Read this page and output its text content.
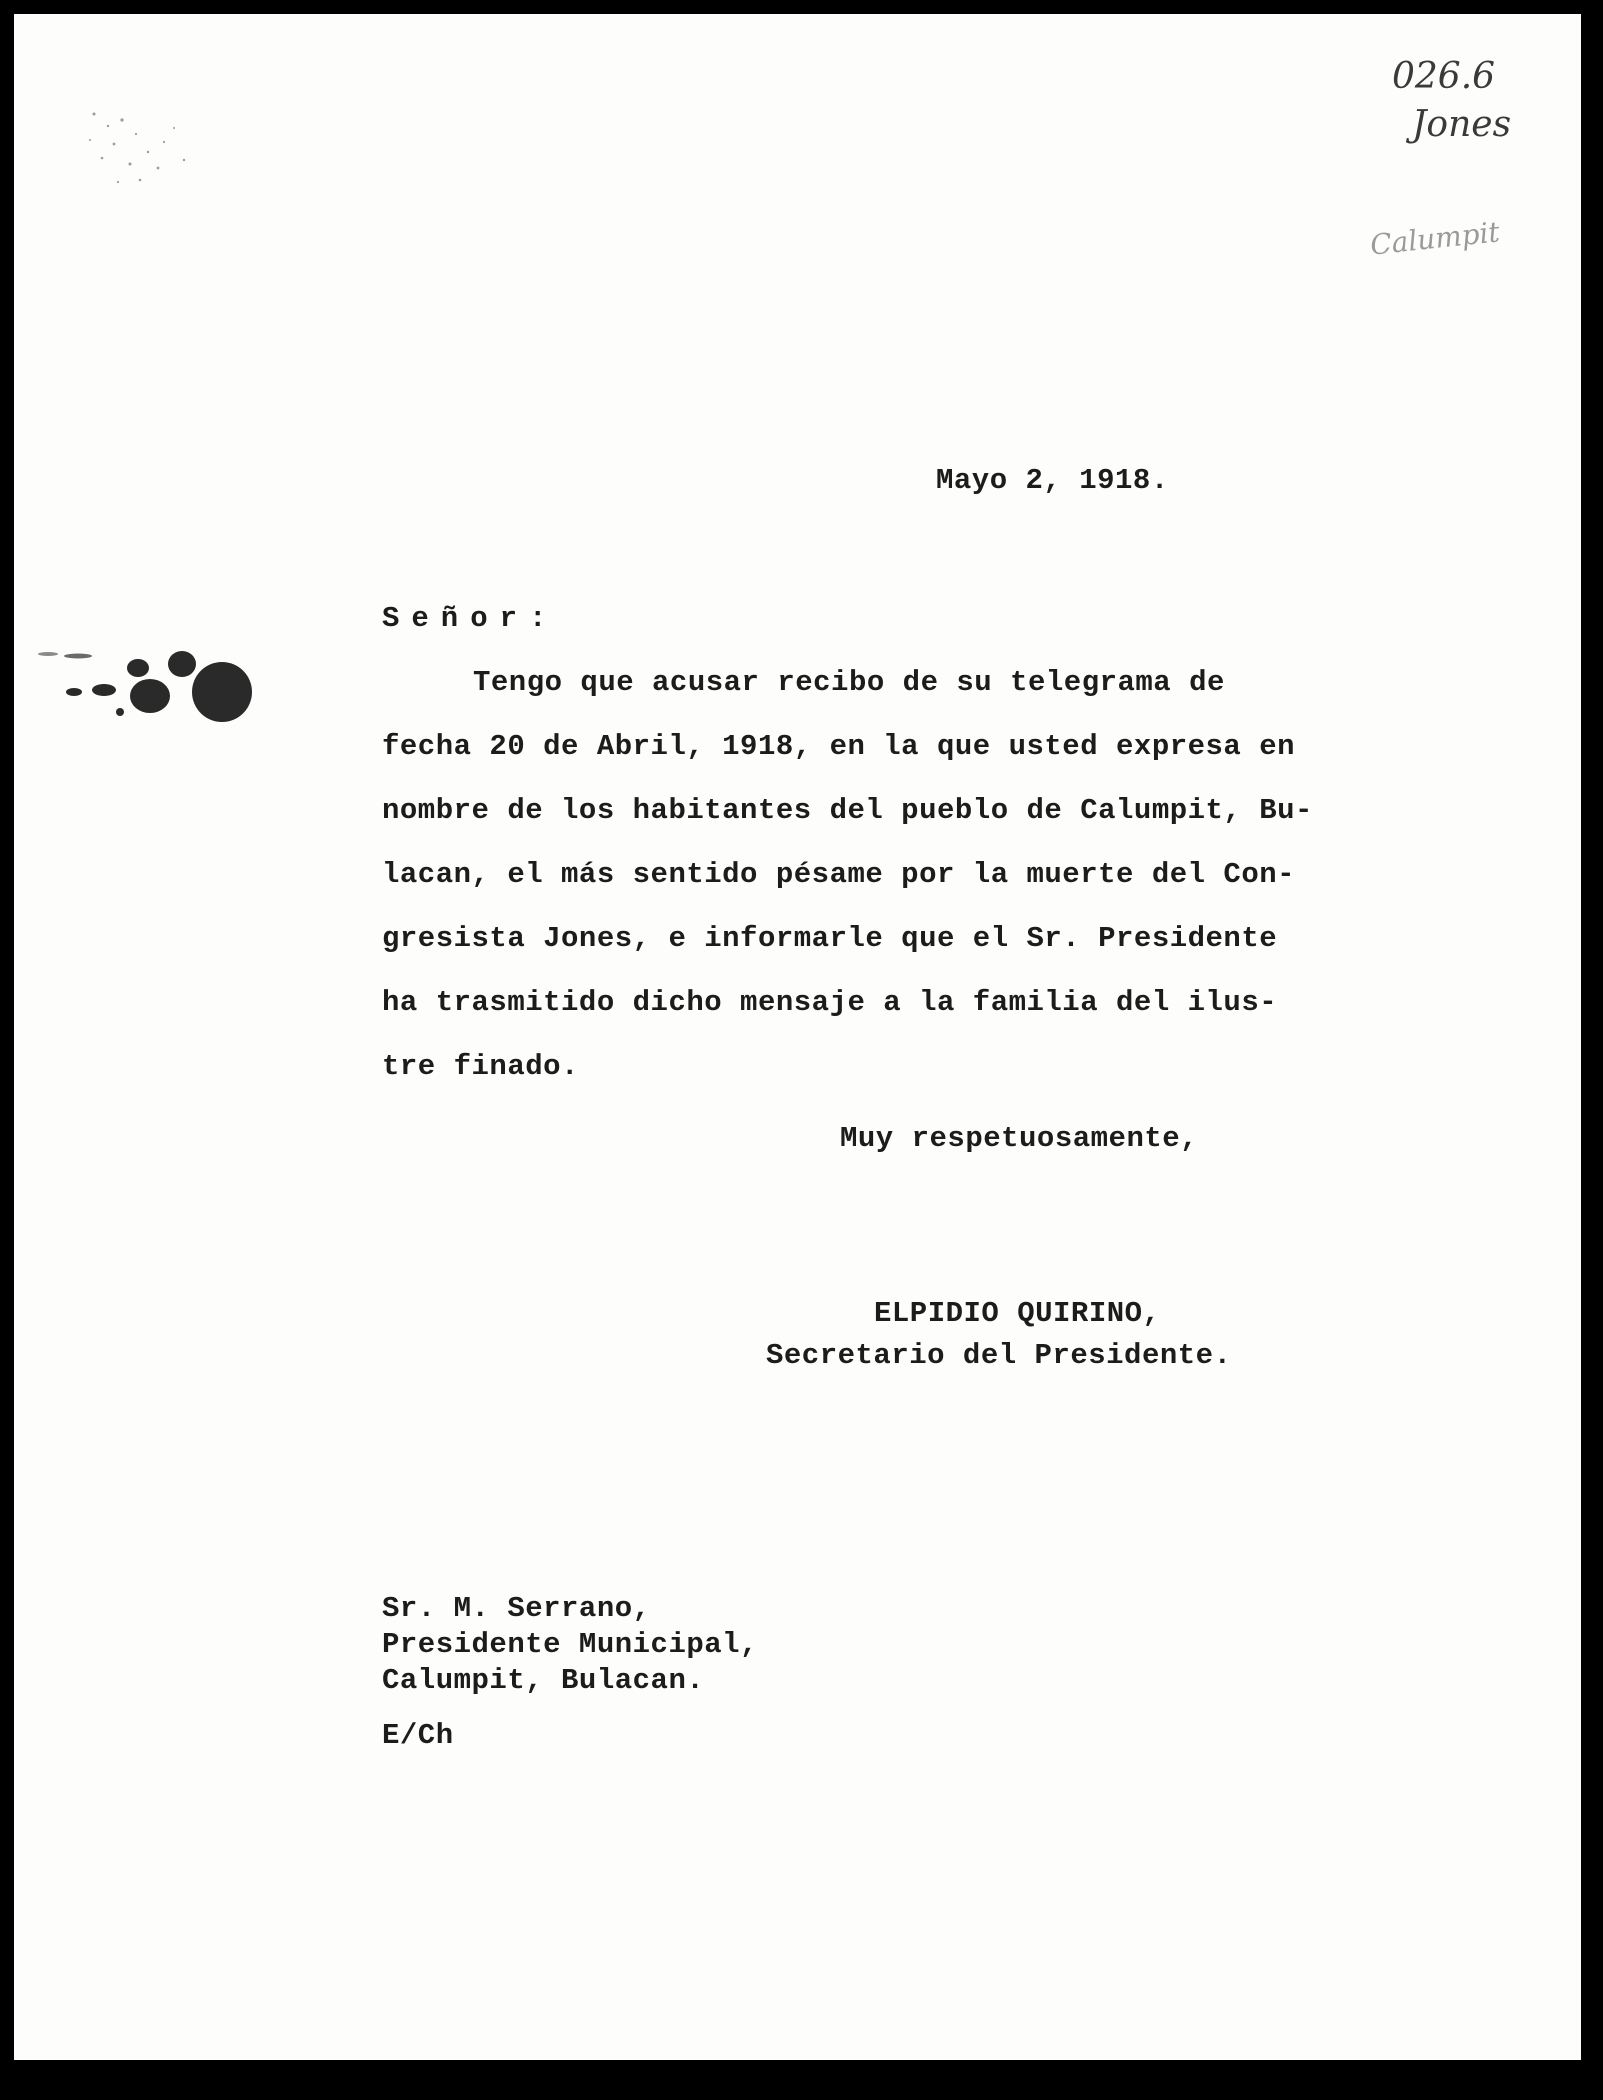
026.6
Jones
Calumpit
Mayo 2, 1918.
Señor:
Tengo que acusar recibo de su telegrama de
fecha 20 de Abril, 1918, en la que usted expresa en
nombre de los habitantes del pueblo de Calumpit, Bu-
lacan, el más sentido pésame por la muerte del Con-
gresista Jones, e informarle que el Sr. Presidente
ha trasmitido dicho mensaje a la familia del ilus-
tre finado.
Muy respetuosamente,
ELPIDIO QUIRINO,
Secretario del Presidente.
Sr. M. Serrano,
Presidente Municipal,
Calumpit, Bulacan.
E/Ch
